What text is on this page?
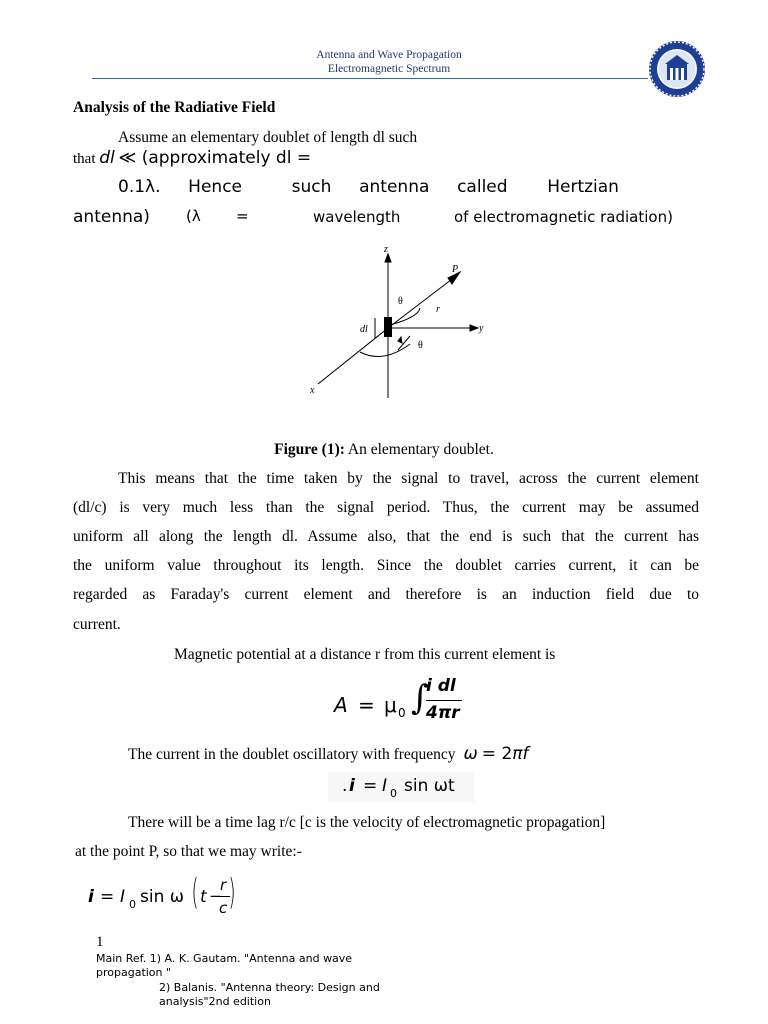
Antenna and Wave Propagation
Electromagnetic Spectrum
Analysis of the Radiative Field
Assume an elementary doublet of length dl such
that dl ≪ (approximately dl =
0.1λ. Hence	such antenna called Hertzian
antenna) (λ =	wavelength	of electromagnetic radiation)
z
P
θ
r
y
dl
θ
x
Figure (1): An elementary doublet.
This means that the time taken by the signal to travel, across the current element
(dl/c) is very much less than the signal period. Thus, the current may be assumed
uniform all along the length dl. Assume also, that the end is such that the current has
the uniform value throughout its length. Since the doublet carries current, it can be
regarded as Faraday's current element and therefore is an induction field due to
current.
Magnetic potential at a distance r from this current element is
A = μ 0 ∫
i dl
4πr
The current in the doublet oscillatory with frequency ω = 2πf
. i = I 0 sin ωt
There will be a time lag r/c [c is the velocity of electromagnetic propagation]
at the point P, so that we may write:-
i = I 0 sin ω ( t −
r
c )
1
Main Ref. 1) A. K. Gautam. "Antenna and wave
propagation "
2) Balanis. "Antenna theory: Design and
analysis"2nd edition
